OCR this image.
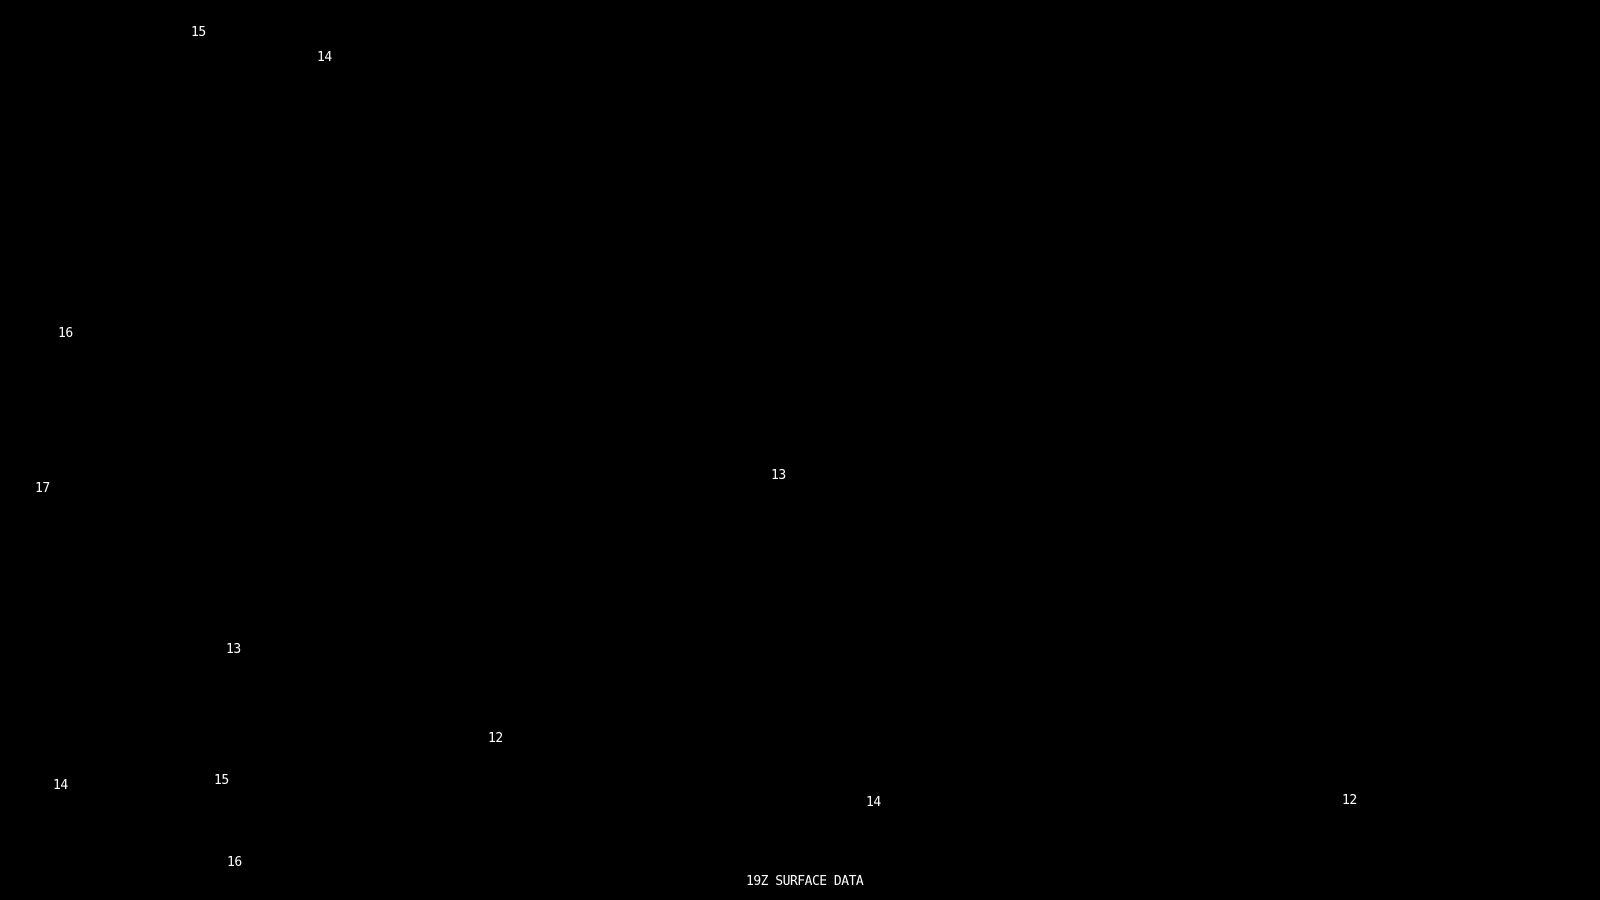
19Z SURFACE DATA
15
14
16
17
13
13
12
15
14
14	12
16
